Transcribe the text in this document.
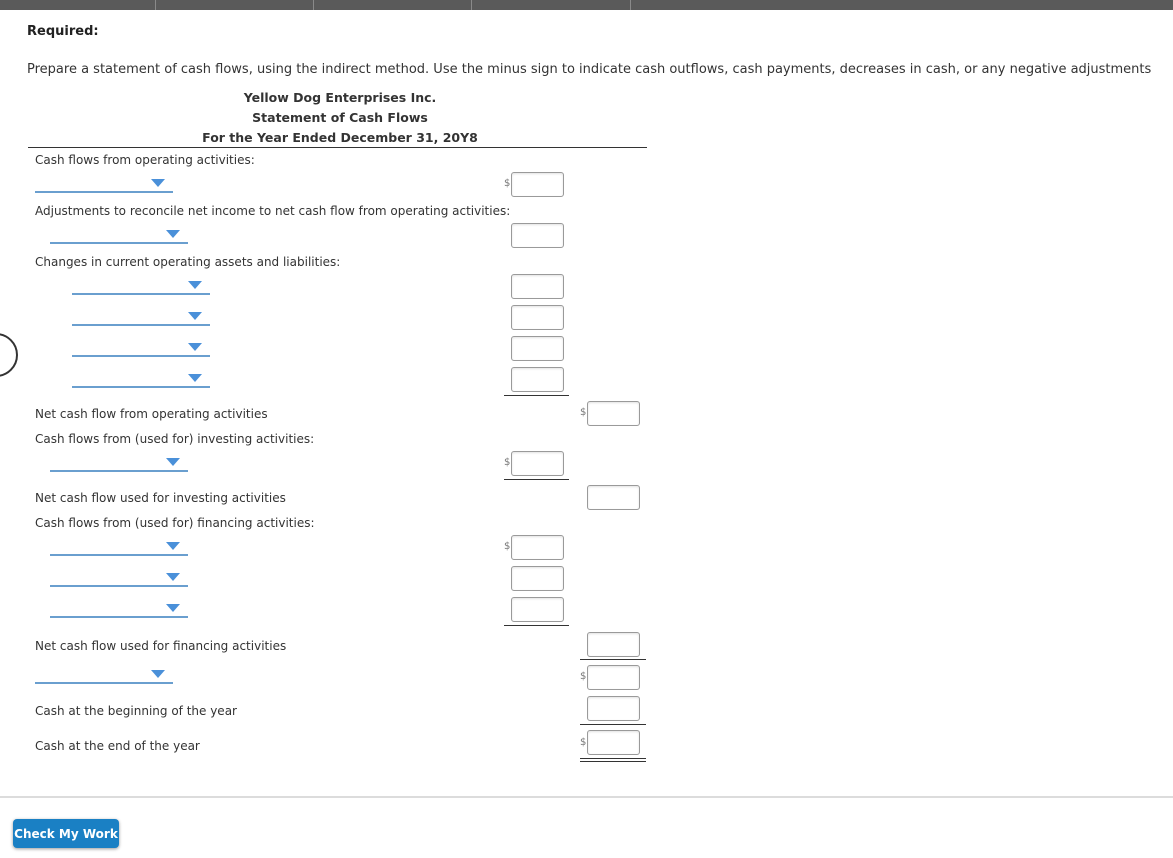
Required:
Prepare a statement of cash flows, using the indirect method. Use the minus sign to indicate cash outflows, cash payments, decreases in cash, or any negative adjustments
Yellow Dog Enterprises Inc.
Statement of Cash Flows
For the Year Ended December 31, 20Y8
Cash flows from operating activities:
$
Adjustments to reconcile net income to net cash flow from operating activities:
Changes in current operating assets and liabilities:
Net cash flow from operating activities	$
Cash flows from (used for) investing activities:
$
Net cash flow used for investing activities
Cash flows from (used for) financing activities:
$
Net cash flow used for financing activities
$
Cash at the beginning of the year
Cash at the end of the year	$
Check My Work
